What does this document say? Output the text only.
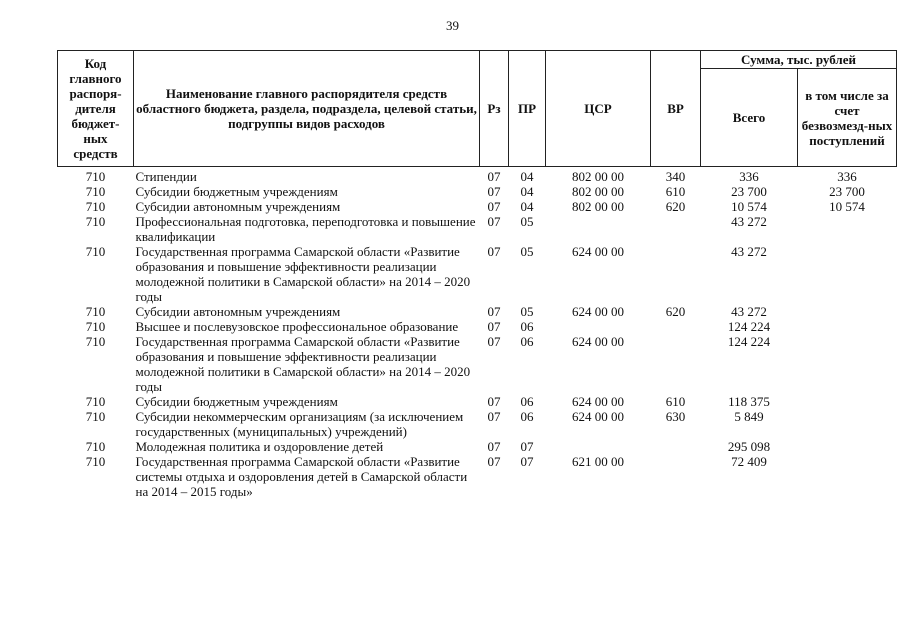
39
Код главного распоря-дителя бюджет-ных средств	Наименование главного распорядителя средств областного бюджета, раздела, подраздела, целевой статьи, подгруппы видов расходов	Рз	ПР	ЦСР	ВР	Сумма, тыс. рублей	
						Всего	в том числе за счет безвозмезд-ных поступлений
710	Стипендии	07	04	802 00 00	340	336	336
710	Субсидии бюджетным учреждениям	07	04	802 00 00	610	23 700	23 700
710	Субсидии автономным учреждениям	07	04	802 00 00	620	10 574	10 574
710	Профессиональная подготовка, переподготовка и повышение квалификации	07	05			43 272	
710	Государственная программа Самарской области «Развитие образования и повышение эффективности реализации молодежной политики в Самарской области» на 2014 – 2020 годы	07	05	624 00 00		43 272	
710	Субсидии автономным учреждениям	07	05	624 00 00	620	43 272	
710	Высшее и послевузовское профессиональное образование	07	06			124 224	
710	Государственная программа Самарской области «Развитие образования и повышение эффективности реализации молодежной политики в Самарской области» на 2014 – 2020 годы	07	06	624 00 00		124 224	
710	Субсидии бюджетным учреждениям	07	06	624 00 00	610	118 375	
710	Субсидии некоммерческим организациям (за исключением государственных (муниципальных) учреждений)	07	06	624 00 00	630	5 849	
710	Молодежная политика и оздоровление детей	07	07			295 098	
710	Государственная программа Самарской области «Развитие системы отдыха и оздоровления детей в Самарской области на 2014 – 2015 годы»	07	07	621 00 00		72 409	
